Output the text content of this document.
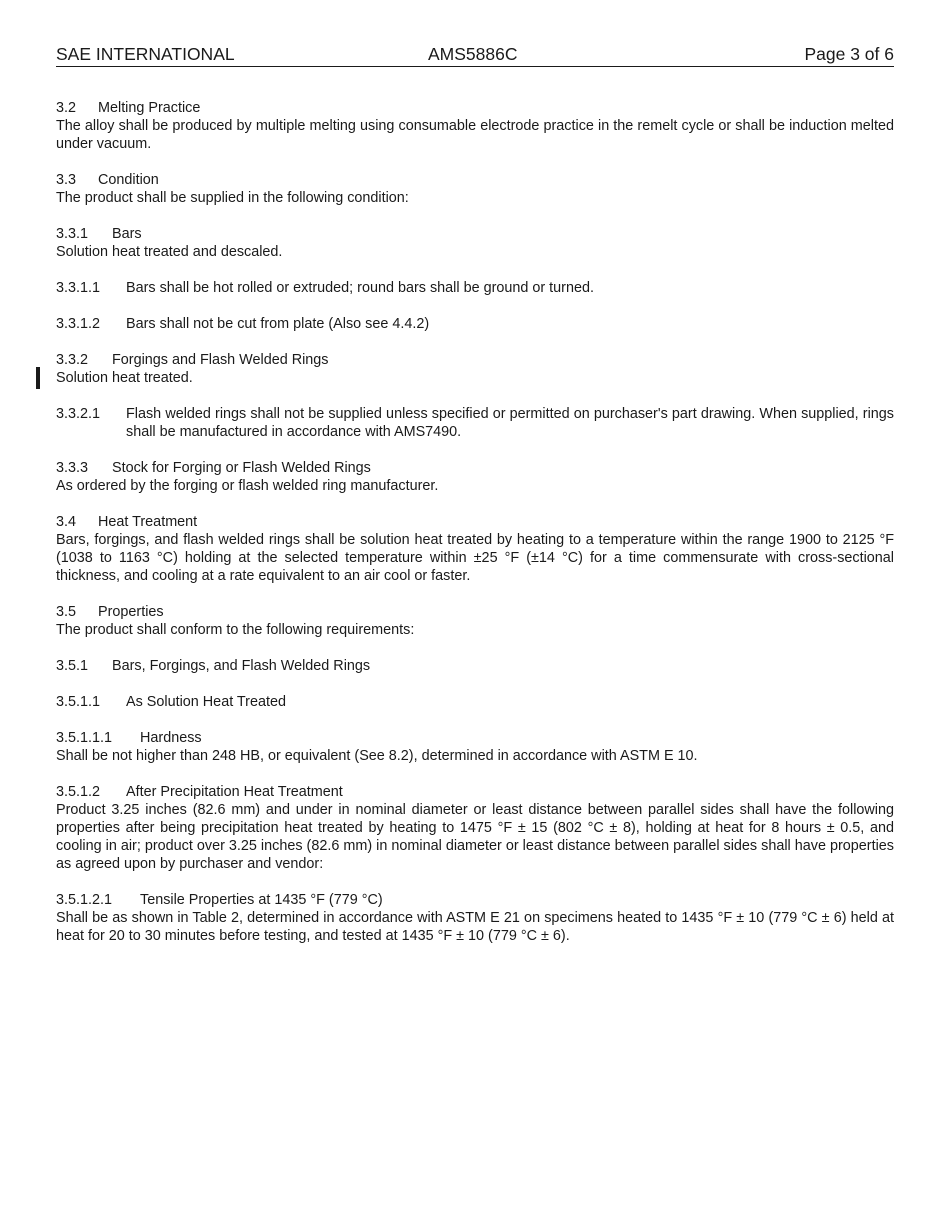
SAE INTERNATIONAL	AMS5886C	Page 3 of 6

3.2 Melting Practice

The alloy shall be produced by multiple melting using consumable electrode practice in the remelt cycle or shall be induction melted under vacuum.

3.3 Condition

The product shall be supplied in the following condition:

3.3.1 Bars

Solution heat treated and descaled.

3.3.1.1	Bars shall be hot rolled or extruded; round bars shall be ground or turned.
3.3.1.2	Bars shall not be cut from plate (Also see 4.4.2)

3.3.2 Forgings and Flash Welded Rings

Solution heat treated.

3.3.2.1	Flash welded rings shall not be supplied unless specified or permitted on purchaser's part drawing. When supplied, rings shall be manufactured in accordance with AMS7490.

3.3.3 Stock for Forging or Flash Welded Rings

As ordered by the forging or flash welded ring manufacturer.

3.4 Heat Treatment

Bars, forgings, and flash welded rings shall be solution heat treated by heating to a temperature within the range 1900 to 2125 °F (1038 to 1163 °C) holding at the selected temperature within ±25 °F (±14 °C) for a time commensurate with cross-sectional thickness, and cooling at a rate equivalent to an air cool or faster.

3.5 Properties

The product shall conform to the following requirements:

3.5.1 Bars, Forgings, and Flash Welded Rings

3.5.1.1 As Solution Heat Treated

3.5.1.1.1 Hardness

Shall be not higher than 248 HB, or equivalent (See 8.2), determined in accordance with ASTM E 10.

3.5.1.2 After Precipitation Heat Treatment

Product 3.25 inches (82.6 mm) and under in nominal diameter or least distance between parallel sides shall have the following properties after being precipitation heat treated by heating to 1475 °F ± 15 (802 °C ± 8), holding at heat for 8 hours ± 0.5, and cooling in air; product over 3.25 inches (82.6 mm) in nominal diameter or least distance between parallel sides shall have properties as agreed upon by purchaser and vendor:

3.5.1.2.1 Tensile Properties at 1435 °F (779 °C)

Shall be as shown in Table 2, determined in accordance with ASTM E 21 on specimens heated to 1435 °F ± 10 (779 °C ± 6) held at heat for 20 to 30 minutes before testing, and tested at 1435 °F ± 10 (779 °C ± 6).
